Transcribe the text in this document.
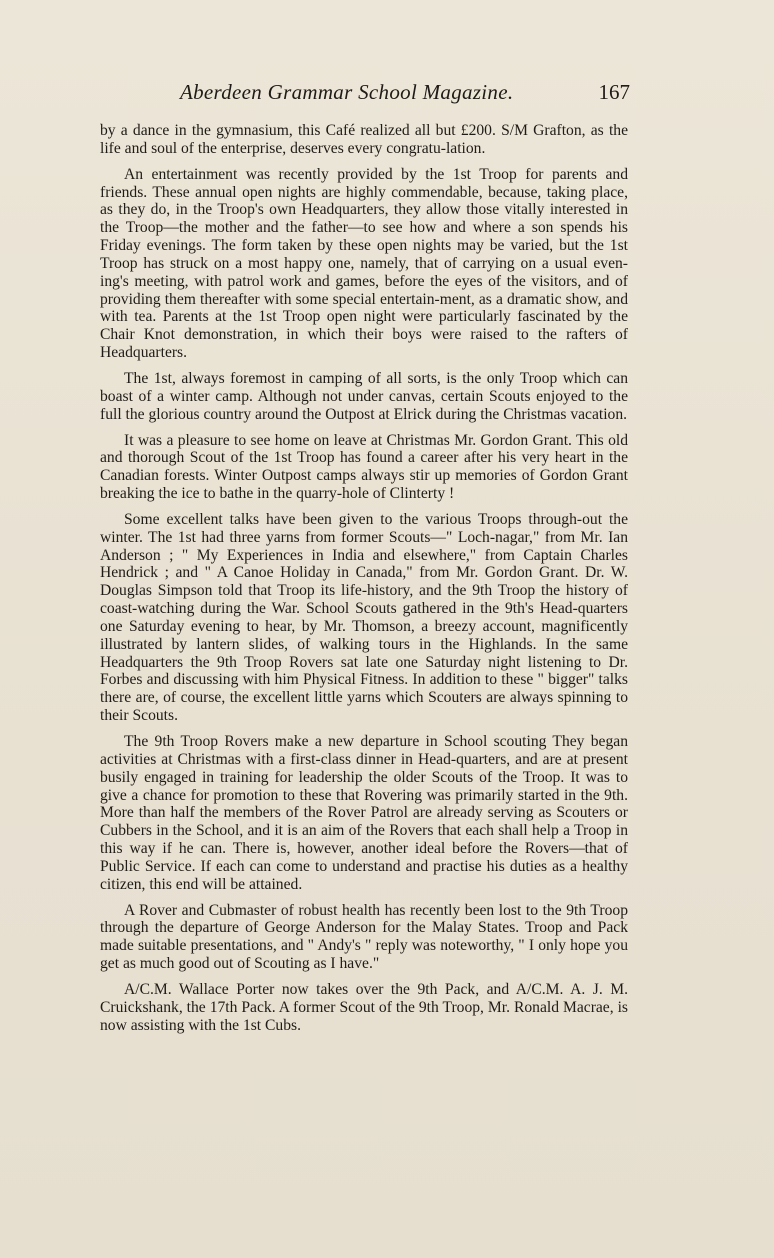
Aberdeen Grammar School Magazine.	167

by a dance in the gymnasium, this Café realized all but £200. S/M Grafton, as the life and soul of the enterprise, deserves every congratu-lation.

An entertainment was recently provided by the 1st Troop for parents and friends. These annual open nights are highly commendable, because, taking place, as they do, in the Troop's own Headquarters, they allow those vitally interested in the Troop—the mother and the father—to see how and where a son spends his Friday evenings. The form taken by these open nights may be varied, but the 1st Troop has struck on a most happy one, namely, that of carrying on a usual even-ing's meeting, with patrol work and games, before the eyes of the visitors, and of providing them thereafter with some special entertain-ment, as a dramatic show, and with tea. Parents at the 1st Troop open night were particularly fascinated by the Chair Knot demonstration, in which their boys were raised to the rafters of Headquarters.

The 1st, always foremost in camping of all sorts, is the only Troop which can boast of a winter camp. Although not under canvas, certain Scouts enjoyed to the full the glorious country around the Outpost at Elrick during the Christmas vacation.

It was a pleasure to see home on leave at Christmas Mr. Gordon Grant. This old and thorough Scout of the 1st Troop has found a career after his very heart in the Canadian forests. Winter Outpost camps always stir up memories of Gordon Grant breaking the ice to bathe in the quarry-hole of Clinterty !

Some excellent talks have been given to the various Troops through-out the winter. The 1st had three yarns from former Scouts—" Loch-nagar," from Mr. Ian Anderson ; " My Experiences in India and elsewhere," from Captain Charles Hendrick ; and " A Canoe Holiday in Canada," from Mr. Gordon Grant. Dr. W. Douglas Simpson told that Troop its life-history, and the 9th Troop the history of coast-watching during the War. School Scouts gathered in the 9th's Head-quarters one Saturday evening to hear, by Mr. Thomson, a breezy account, magnificently illustrated by lantern slides, of walking tours in the Highlands. In the same Headquarters the 9th Troop Rovers sat late one Saturday night listening to Dr. Forbes and discussing with him Physical Fitness. In addition to these " bigger" talks there are, of course, the excellent little yarns which Scouters are always spinning to their Scouts.

The 9th Troop Rovers make a new departure in School scouting They began activities at Christmas with a first-class dinner in Head-quarters, and are at present busily engaged in training for leadership the older Scouts of the Troop. It was to give a chance for promotion to these that Rovering was primarily started in the 9th. More than half the members of the Rover Patrol are already serving as Scouters or Cubbers in the School, and it is an aim of the Rovers that each shall help a Troop in this way if he can. There is, however, another ideal before the Rovers—that of Public Service. If each can come to understand and practise his duties as a healthy citizen, this end will be attained.

A Rover and Cubmaster of robust health has recently been lost to the 9th Troop through the departure of George Anderson for the Malay States. Troop and Pack made suitable presentations, and " Andy's " reply was noteworthy, " I only hope you get as much good out of Scouting as I have."

A/C.M. Wallace Porter now takes over the 9th Pack, and A/C.M. A. J. M. Cruickshank, the 17th Pack. A former Scout of the 9th Troop, Mr. Ronald Macrae, is now assisting with the 1st Cubs.
